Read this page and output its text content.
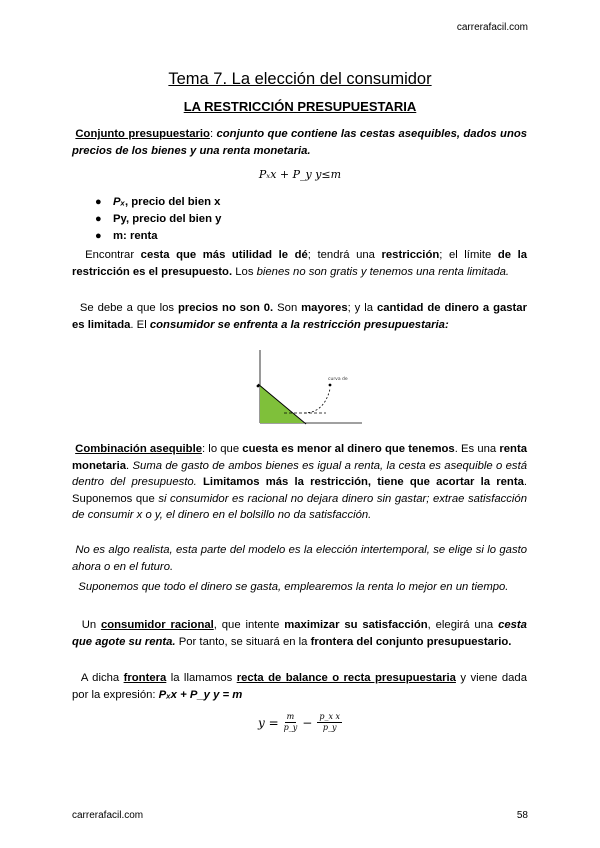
carrerafacil.com
Tema 7. La elección del consumidor
LA RESTRICCIÓN PRESUPUESTARIA
Conjunto presupuestario: conjunto que contiene las cestas asequibles, dados unos precios de los bienes y una renta monetaria.
Pₓx + P_y y≤m
● Pₓ, precio del bien x
● Py, precio del bien y
● m: renta
Encontrar cesta que más utilidad le dé; tendrá una restricción; el límite de la restricción es el presupuesto. Los bienes no son gratis y tenemos una renta limitada.
Se debe a que los precios no son 0. Son mayores; y la cantidad de dinero a gastar es limitada. El consumidor se enfrenta a la restricción presupuestaria:
curva de
Combinación asequible: lo que cuesta es menor al dinero que tenemos. Es una renta monetaria. Suma de gasto de ambos bienes es igual a renta, la cesta es asequible o está dentro del presupuesto. Limitamos más la restricción, tiene que acortar la renta. Suponemos que si consumidor es racional no dejara dinero sin gastar; extrae satisfacción de consumir x o y, el dinero en el bolsillo no da satisfacción.
No es algo realista, esta parte del modelo es la elección intertemporal, se elige si lo gasto ahora o en el futuro.
Suponemos que todo el dinero se gasta, emplearemos la renta lo mejor en un tiempo.
Un consumidor racional, que intente maximizar su satisfacción, elegirá una cesta que agote su renta. Por tanto, se situará en la frontera del conjunto presupuestario.
A dicha frontera la llamamos recta de balance o recta presupuestaria y viene dada por la expresión: Pₓx + P_y y = m
$y = \frac{m}{p\_y} - \frac{\text{p\_x x}}{p\_y}$
carrerafacil.com	58
